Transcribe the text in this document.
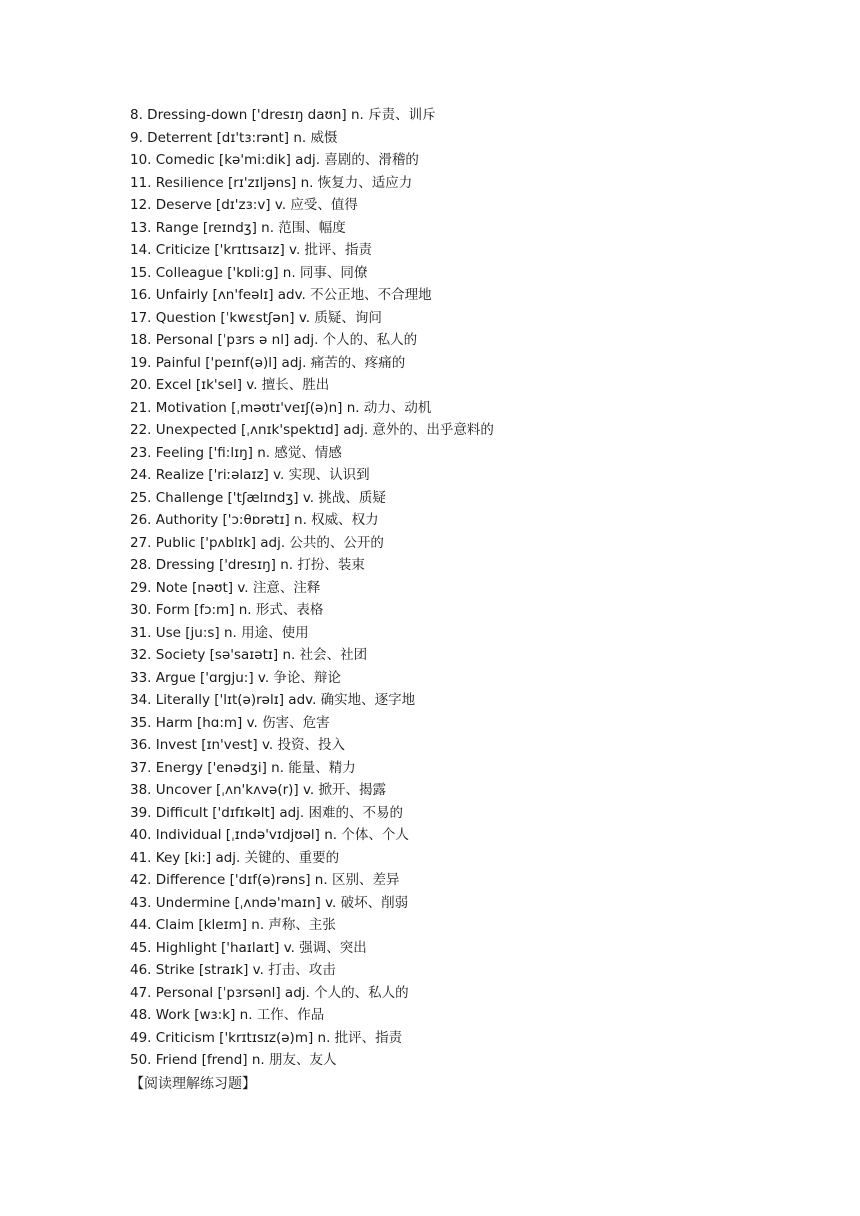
8. Dressing-down ['dresɪŋ daʊn] n. 斥责、训斥
9. Deterrent [dɪ'tɜ:rənt] n. 威慑
10. Comedic [kə'mi:dik] adj. 喜剧的、滑稽的
11. Resilience [rɪ'zɪljəns] n. 恢复力、适应力
12. Deserve [dɪ'zɜ:v] v. 应受、值得
13. Range [reɪndʒ] n. 范围、幅度
14. Criticize ['krɪtɪsaɪz] v. 批评、指责
15. Colleague ['kɒli:g] n. 同事、同僚
16. Unfairly [ʌn'feəlɪ] adv. 不公正地、不合理地
17. Question [ˈkwɛstʃən] v. 质疑、询问
18. Personal [ˈpɜrs ə nl] adj. 个人的、私人的
19. Painful ['peɪnf(ə)l] adj. 痛苦的、疼痛的
20. Excel [ɪk'sel] v. 擅长、胜出
21. Motivation [ˌməʊtɪ'veɪʃ(ə)n] n. 动力、动机
22. Unexpected [ˌʌnɪk'spektɪd] adj. 意外的、出乎意料的
23. Feeling ['fi:lɪŋ] n. 感觉、情感
24. Realize ['riːəlaɪz] v. 实现、认识到
25. Challenge ['tʃælɪndʒ] v. 挑战、质疑
26. Authority ['ɔ:θɒrətɪ] n. 权威、权力
27. Public ['pʌblɪk] adj. 公共的、公开的
28. Dressing ['dresɪŋ] n. 打扮、装束
29. Note [nəʊt] v. 注意、注释
30. Form [fɔ:m] n. 形式、表格
31. Use [ju:s] n. 用途、使用
32. Society [sə'saɪətɪ] n. 社会、社团
33. Argue ['ɑrgju:] v. 争论、辩论
34. Literally ['lɪt(ə)rəlɪ] adv. 确实地、逐字地
35. Harm [hɑ:m] v. 伤害、危害
36. Invest [ɪn'vest] v. 投资、投入
37. Energy ['enədʒi] n. 能量、精力
38. Uncover [ˌʌn'kʌvə(r)] v. 掀开、揭露
39. Difficult ['dɪfɪkəlt] adj. 困难的、不易的
40. Individual [ˌɪndə'vɪdjʊəl] n. 个体、个人
41. Key [ki:] adj. 关键的、重要的
42. Difference ['dɪf(ə)rəns] n. 区别、差异
43. Undermine [ˌʌndə'maɪn] v. 破坏、削弱
44. Claim [kleɪm] n. 声称、主张
45. Highlight ['haɪlaɪt] v. 强调、突出
46. Strike [straɪk] v. 打击、攻击
47. Personal [ˈpɜrsənl] adj. 个人的、私人的
48. Work [wɜ:k] n. 工作、作品
49. Criticism ['krɪtɪsɪz(ə)m] n. 批评、指责
50. Friend [frend] n. 朋友、友人
【阅读理解练习题】
